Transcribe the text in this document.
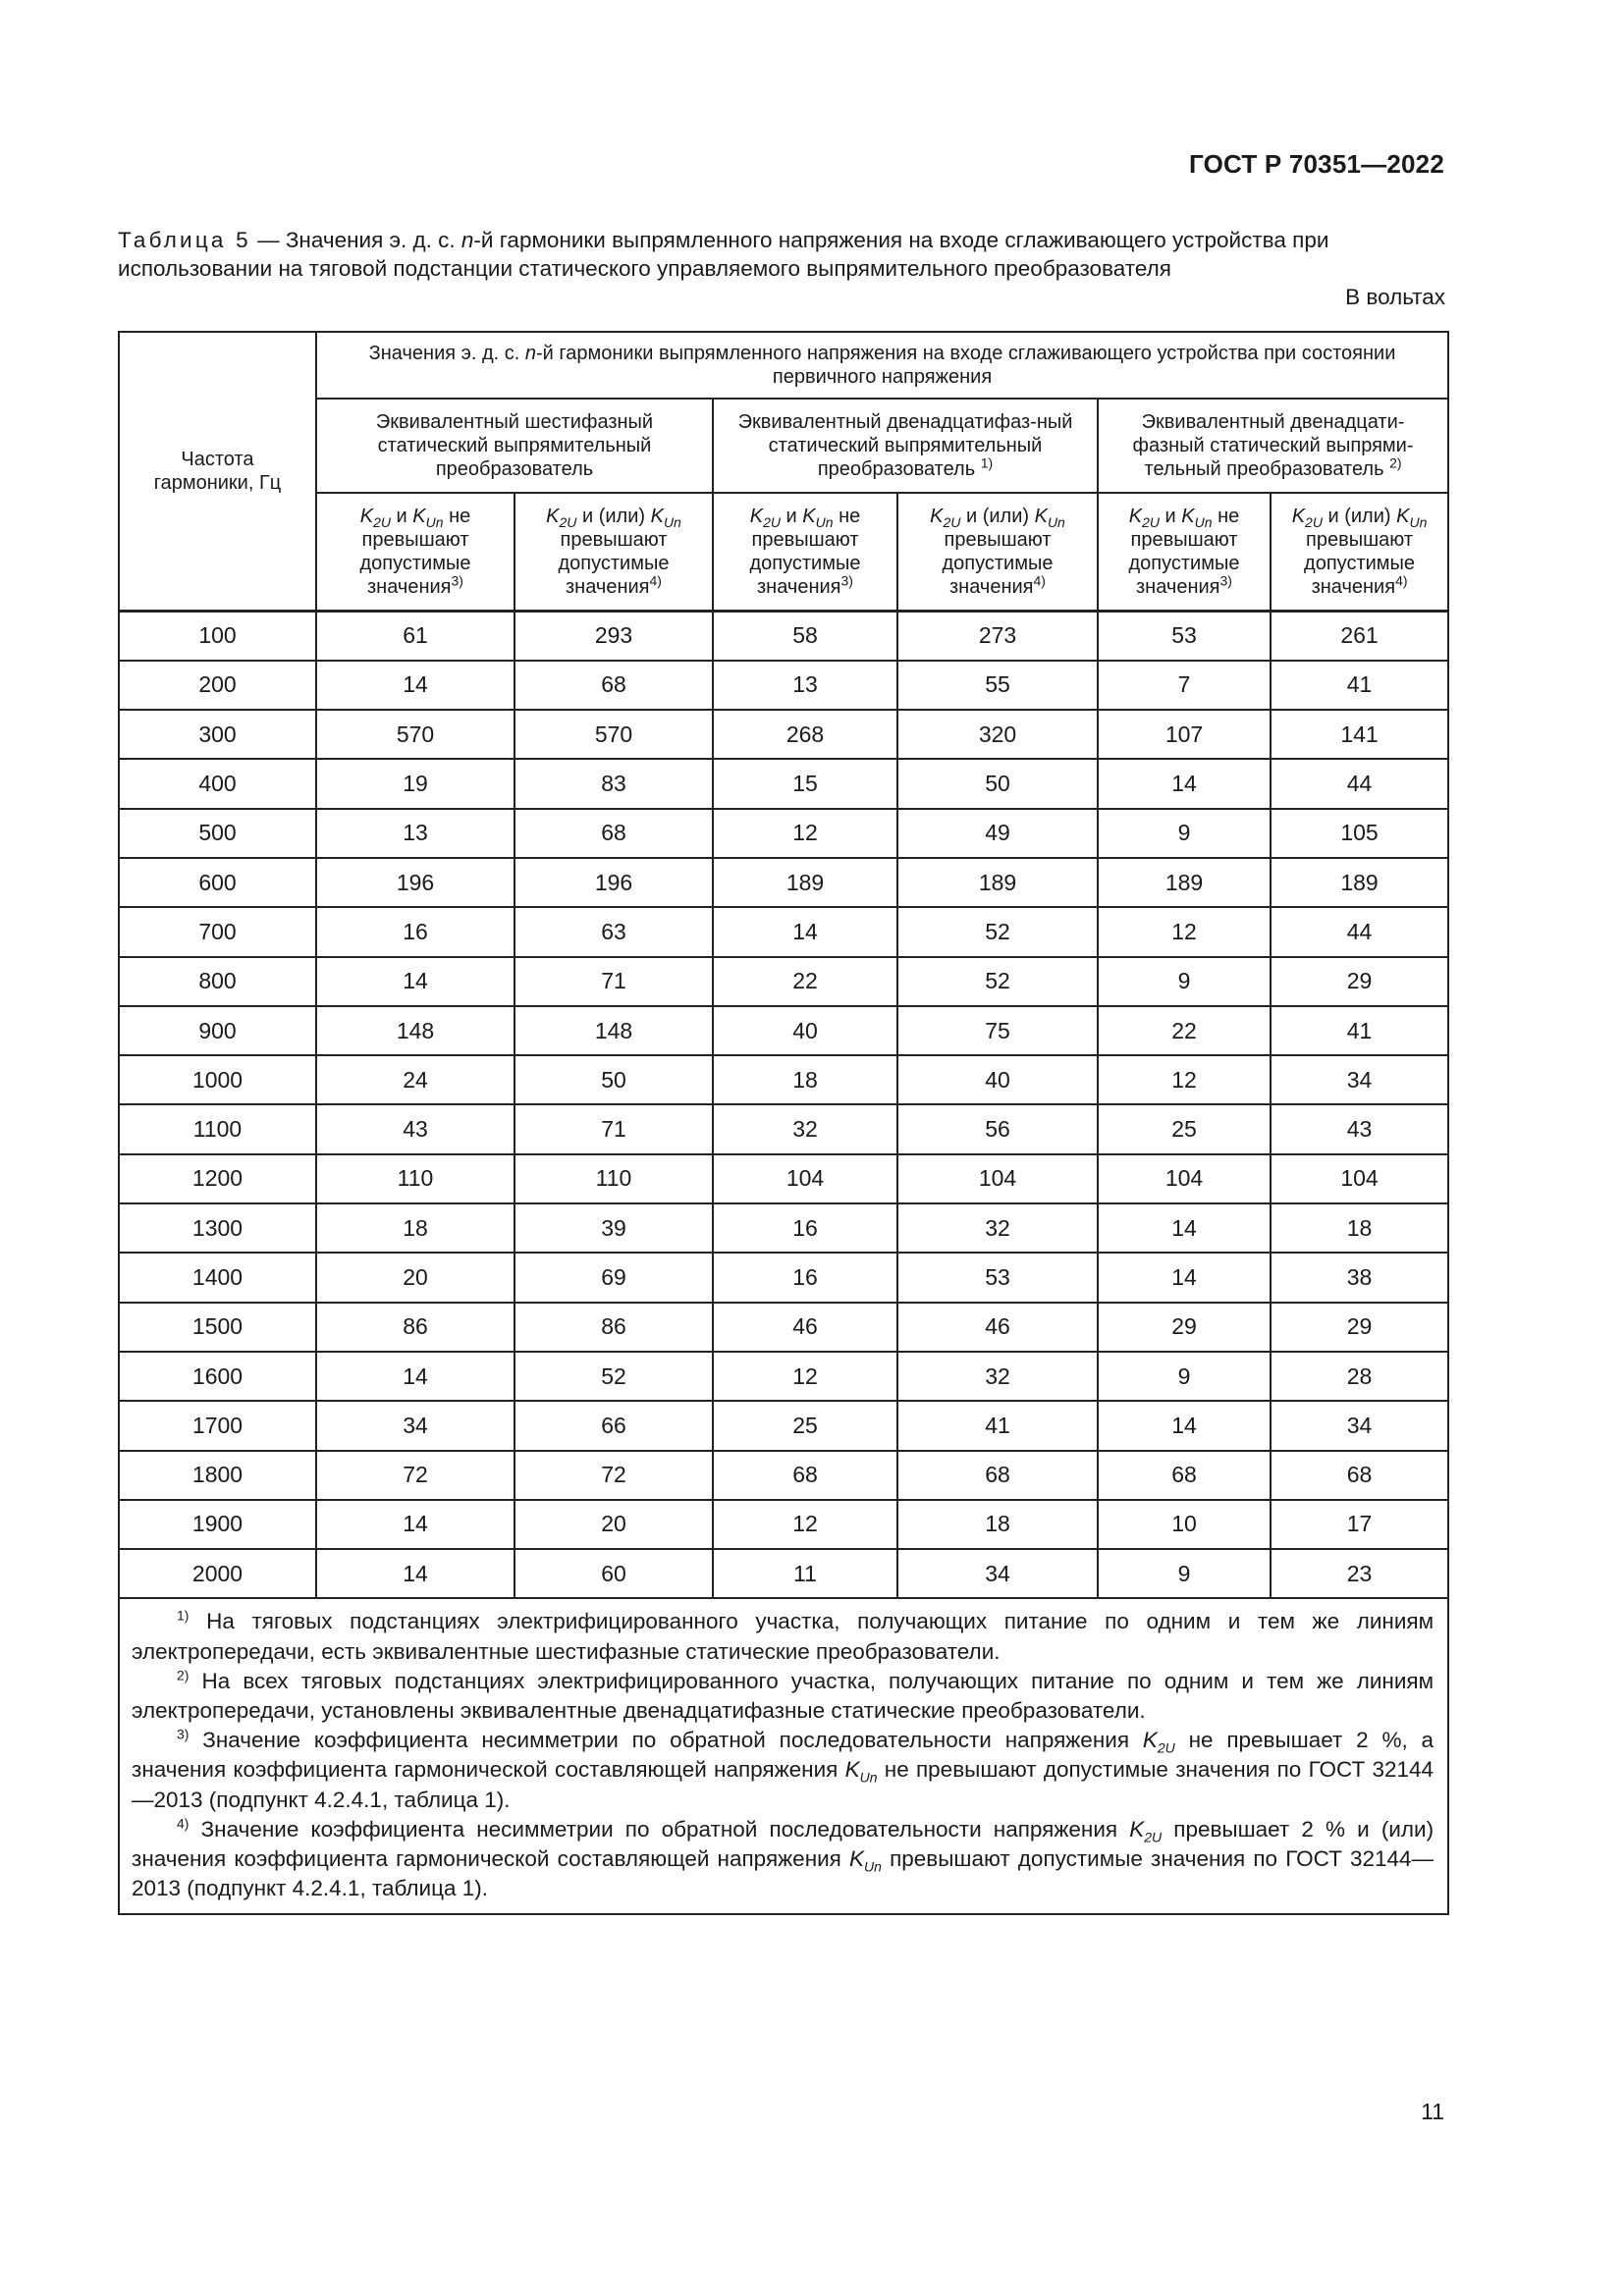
ГОСТ Р 70351—2022
Таблица 5 — Значения э. д. с. n-й гармоники выпрямленного напряжения на входе сглаживающего устройства при использовании на тяговой подстанции статического управляемого выпрямительного преобразователя
В вольтах
Частота гармоники, Гц	Значения э. д. с. n-й гармоники выпрямленного напряжения на входе сглаживающего устройства при состоянии первичного напряжения					
	Эквивалентный шестифазный статический выпрямительный преобразователь		Эквивалентный двенадцатифаз-ный статический выпрямительный преобразователь $^{1)}$		Эквивалентный двенадцати-фазный статический выпрями-тельный преобразователь $^{2)}$
	$K_{2U}$ и $K_{Un}$ не превышают допустимые значения$^{3)}$	$K_{2U}$ и (или) $K_{Un}$ превышают допустимые значения$^{4)}$	$K_{2U}$ и $K_{Un}$ не превышают допустимые значения$^{3)}$	$K_{2U}$ и (или) $K_{Un}$ превышают допустимые значения$^{4)}$	$K_{2U}$ и $K_{Un}$ не превышают допустимые значения$^{3)}$	$K_{2U}$ и (или) $K_{Un}$ превышают допустимые значения$^{4)}$
100	61	293	58	273	53	261
200	14	68	13	55	7	41
300	570	570	268	320	107	141
400	19	83	15	50	14	44
500	13	68	12	49	9	105
600	196	196	189	189	189	189
700	16	63	14	52	12	44
800	14	71	22	52	9	29
900	148	148	40	75	22	41
1000	24	50	18	40	12	34
1100	43	71	32	56	25	43
1200	110	110	104	104	104	104
1300	18	39	16	32	14	18
1400	20	69	16	53	14	38
1500	86	86	46	46	29	29
1600	14	52	12	32	9	28
1700	34	66	25	41	14	34
1800	72	72	68	68	68	68
1900	14	20	12	18	10	17
2000	14	60	11	34	9	23

$^{1)}$ На тяговых подстанциях электрифицированного участка, получающих питание по одним и тем же линиям электропередачи, есть эквивалентные шестифазные статические преобразователи.

$^{2)}$ На всех тяговых подстанциях электрифицированного участка, получающих питание по одним и тем же линиям электропередачи, установлены эквивалентные двенадцатифазные статические преобразователи.

$^{3)}$ Значение коэффициента несимметрии по обратной последовательности напряжения $K_{2U}$ не превышает 2 %, а значения коэффициента гармонической составляющей напряжения $K_{Un}$ не превышают допустимые значения по ГОСТ 32144—2013 (подпункт 4.2.4.1, таблица 1).

$^{4)}$ Значение коэффициента несимметрии по обратной последовательности напряжения $K_{2U}$ превышает 2 % и (или) значения коэффициента гармонической составляющей напряжения $K_{Un}$ превышают допустимые значения по ГОСТ 32144—2013 (подпункт 4.2.4.1, таблица 1).						

11
